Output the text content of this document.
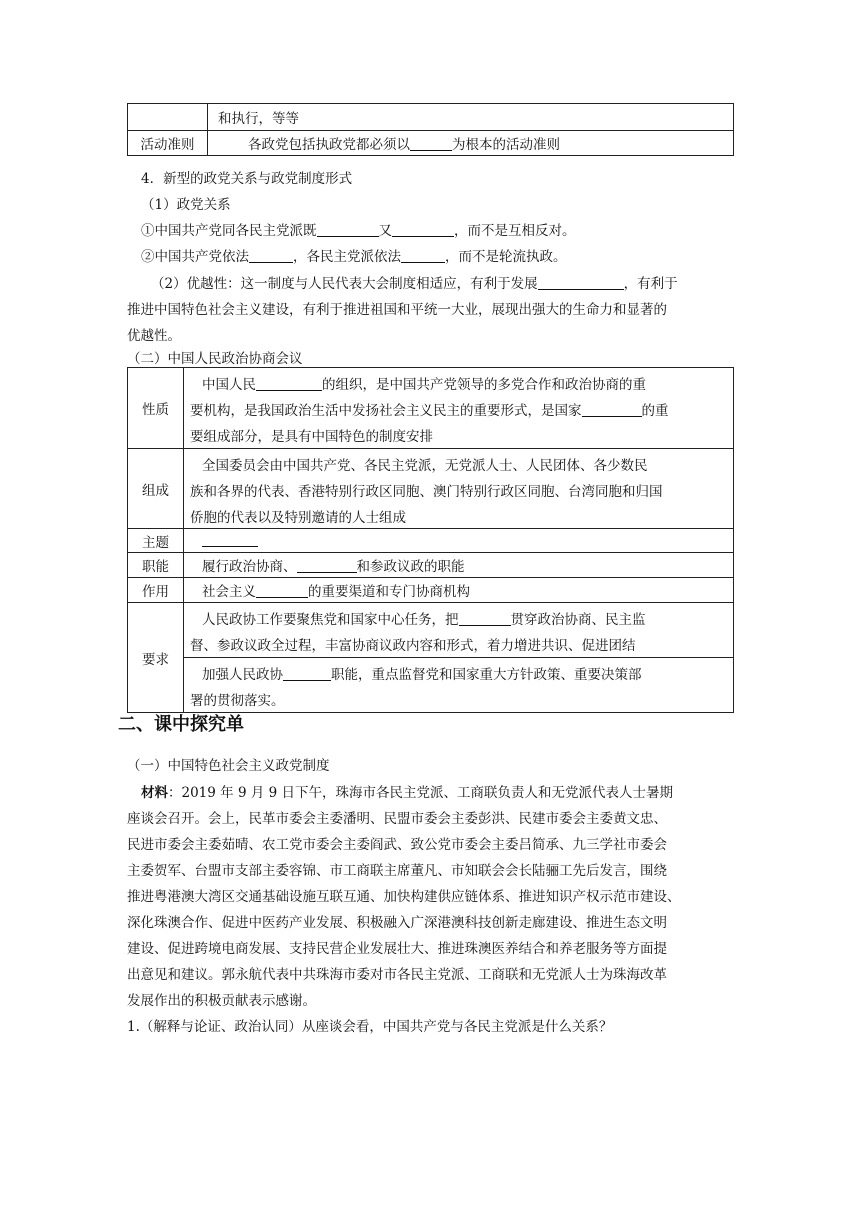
	和执行，等等
活动准则	各政党包括执政党都必须以 为根本的活动准则
4．新型的政党关系与政党制度形式
（1）政党关系
①中国共产党同各民主党派既	又	，而不是互相反对。
②中国共产党依法	，各民主党派依法	，而不是轮流执政。
（2）优越性：这一制度与人民代表大会制度相适应，有利于发展	，有利于
推进中国特色社会主义建设，有利于推进祖国和平统一大业，展现出强大的生命力和显著的
优越性。
（二）中国人民政治协商会议
性质	中国人民 的组织，是中国共产党领导的多党合作和政治协商的重
要机构，是我国政治生活中发扬社会主义民主的重要形式，是国家 的重
要组成部分，是具有中国特色的制度安排

组成	全国委员会由中国共产党、各民主党派，无党派人士、人民团体、各少数民
族和各界的代表、香港特别行政区同胞、澳门特别行政区同胞、台湾同胞和归国
侨胞的代表以及特别邀请的人士组成

主题	
职能	履行政治协商、 和参政议政的职能
作用	社会主义 的重要渠道和专门协商机构
要求	人民政协工作要聚焦党和国家中心任务，把 贯穿政治协商、民主监
督、参政议政全过程，丰富协商议政内容和形式，着力增进共识、促进团结

	加强人民政协 职能，重点监督党和国家重大方针政策、重要决策部
署的贯彻落实。
二、课中探究单
（一）中国特色社会主义政党制度
材料：2019 年 9 月 9 日下午，珠海市各民主党派、工商联负责人和无党派代表人士暑期
座谈会召开。会上，民革市委会主委潘明、民盟市委会主委彭洪、民建市委会主委黄文忠、
民进市委会主委茹晴、农工党市委会主委阎武、致公党市委会主委吕简承、九三学社市委会
主委贺军、台盟市支部主委容锦、市工商联主席董凡、市知联会会长陆骊工先后发言，围绕
推进粤港澳大湾区交通基础设施互联互通、加快构建供应链体系、推进知识产权示范市建设、
深化珠澳合作、促进中医药产业发展、积极融入广深港澳科技创新走廊建设、推进生态文明
建设、促进跨境电商发展、支持民营企业发展壮大、推进珠澳医养结合和养老服务等方面提
出意见和建议。郭永航代表中共珠海市委对市各民主党派、工商联和无党派人士为珠海改革
发展作出的积极贡献表示感谢。
1.（解释与论证、政治认同）从座谈会看，中国共产党与各民主党派是什么关系？
